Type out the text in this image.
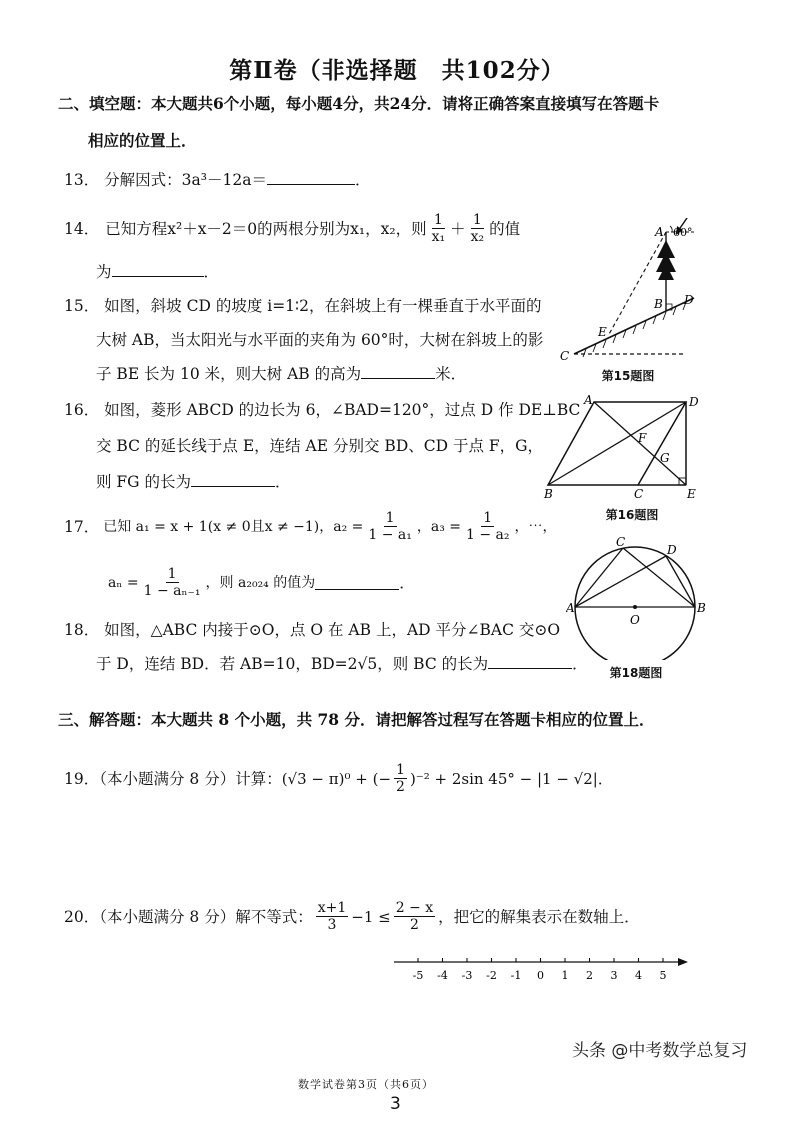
第Ⅱ卷（非选择题　共102分）
二、填空题：本大题共6个小题，每小题4分，共24分．请将正确答案直接填写在答题卡
相应的位置上．
13． 分解因式：3a³－12a＝	．
14． 已知方程x²＋x－2＝0的两根分别为x₁，x₂，则 $\frac{1}{\text{x₁}} + \frac{1}{\text{x₂}}$ 的值
为	．
15． 如图，斜坡 CD 的坡度 i=1∶2，在斜坡上有一棵垂直于水平面的
大树 AB，当太阳光与水平面的夹角为 60°时，大树在斜坡上的影
子 BE 长为 10 米，则大树 AB 的高为	米．
A 60°
B D
E
C
第15题图
16． 如图，菱形 ABCD 的边长为 6，∠BAD=120°，过点 D 作 DE⊥BC
交 BC 的延长线于点 E，连结 AE 分别交 BD、CD 于点 F，G，
则 FG 的长为	．
A	D
B	C	E
F
G
第16题图
17． 已知 a₁ = x + 1(x ≠ 0且x ≠ −1)，$a_2 = \frac{1}{\text{1 − a₁}}$ ，$a_3 = \frac{1}{\text{1 − a₂}}$ ，⋯，
$a_n = \frac{1}{\text{1 − aₙ₋₁}}$ ，则 a₂₀₂₄ 的值为	．
A	B
C
D
O
第18题图
18． 如图，△ABC 内接于⊙O，点 O 在 AB 上，AD 平分∠BAC 交⊙O
于 D，连结 BD．若 AB=10，BD=2√5，则 BC 的长为	．
三、解答题：本大题共 8 个小题，共 78 分．请把解答过程写在答题卡相应的位置上．
19．（本小题满分 8 分）计算： (√3 − π)⁰ + (− $\frac{1}{2} )^{-2} + 2\sin$ 45° − |1 − √2|．
20．（本小题满分 8 分）解不等式： $\frac{x+1}{3} -1 \le \frac{2 - x}{2}$ ，把它的解集表示在数轴上．
-5 -4 -3 -2 -1 0 1 2 3 4 5
数学试卷第3页（共6页）
头条 @中考数学总复习
3
